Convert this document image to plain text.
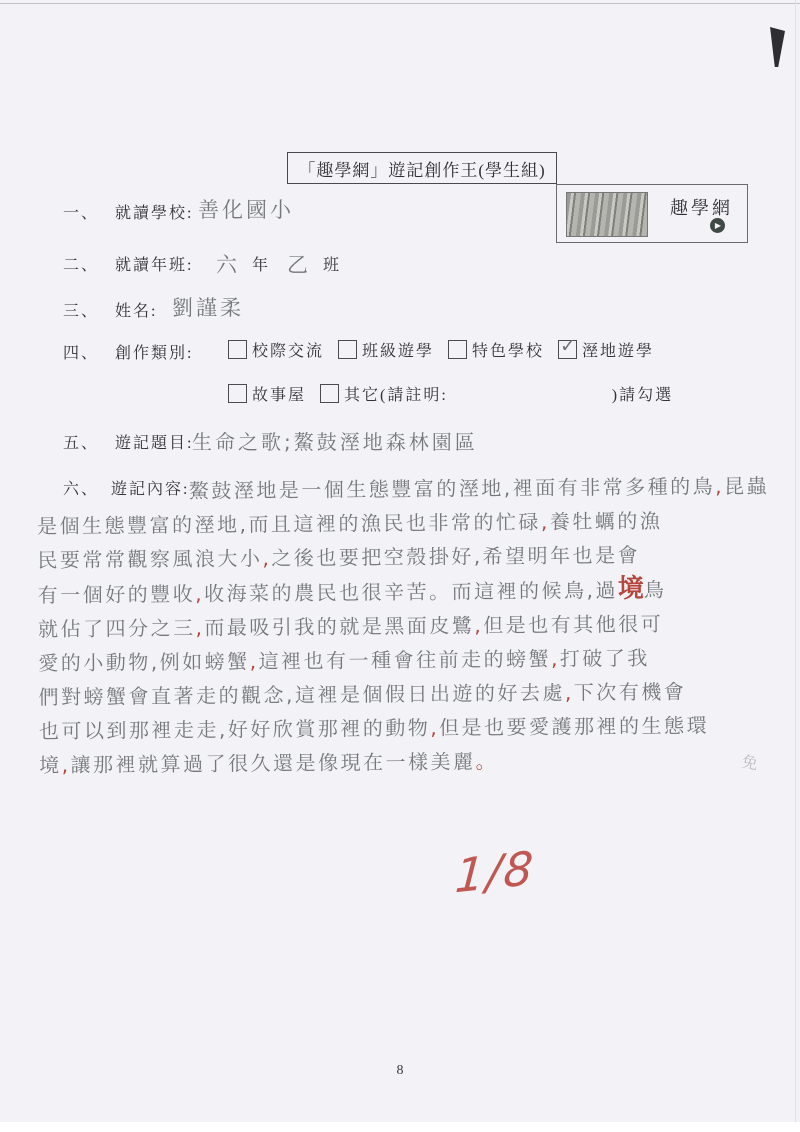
「趣學網」遊記創作王(學生組)
趣學網
▶
一、 就讀學校: 善化國小
二、 就讀年班: 六 年 乙 班
三、 姓名: 劉謹柔
四、 創作類別:	校際交流 班級遊學 特色學校 ✓ 溼地遊學
故事屋 其它(請註明:	)請勾選
五、 遊記題目:
生命之歌;鰲鼓溼地森林園區
六、 遊記內容: 鰲鼓溼地是一個生態豐富的溼地,裡面有非常多種的鳥,昆蟲
是個生態豐富的溼地,而且這裡的漁民也非常的忙碌,養牡蠣的漁
民要常常觀察風浪大小,之後也要把空殼掛好,希望明年也是會
有一個好的豐收,收海菜的農民也很辛苦。而這裡的候鳥,過境鳥
就佔了四分之三,而最吸引我的就是黑面皮鷺,但是也有其他很可
愛的小動物,例如螃蟹,這裡也有一種會往前走的螃蟹,打破了我
們對螃蟹會直著走的觀念,這裡是個假日出遊的好去處,下次有機會
也可以到那裡走走,好好欣賞那裡的動物,但是也要愛護那裡的生態環
境,讓那裡就算過了很久還是像現在一樣美麗。	免
1/8
8
